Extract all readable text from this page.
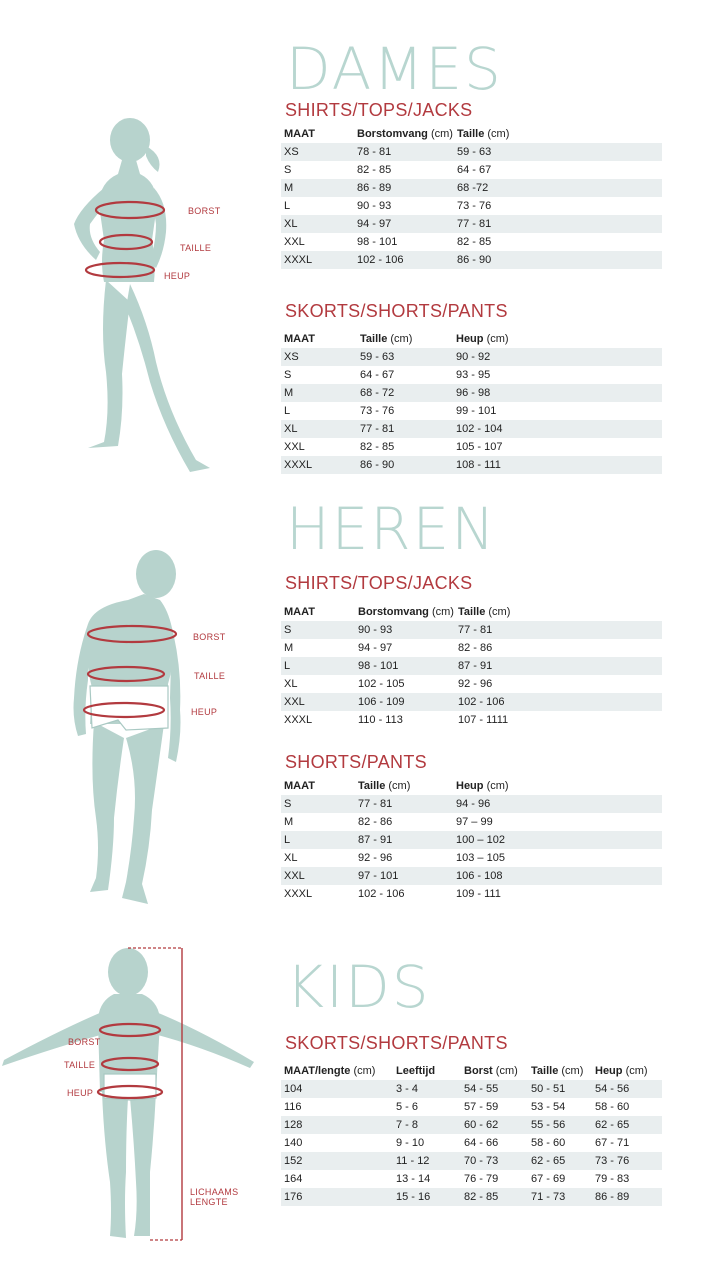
DAMES
SHIRTS/TOPS/JACKS
MAAT	Borstomvang (cm)	Taille (cm)
XS	78 - 81	59 - 63
S	82 - 85	64 - 67
M	86 - 89	68 -72
L	90 - 93	73 - 76
XL	94 - 97	77 - 81
XXL	98 - 101	82 - 85
XXXL	102 - 106	86 - 90
SKORTS/SHORTS/PANTS
MAAT	Taille (cm)	Heup (cm)
XS	59 - 63	90 - 92
S	64 - 67	93 - 95
M	68 - 72	96 - 98
L	73 - 76	99 - 101
XL	77 - 81	102 - 104
XXL	82 - 85	105 - 107
XXXL	86 - 90	108 - 111
BORST
TAILLE
HEUP
HEREN
SHIRTS/TOPS/JACKS
MAAT	Borstomvang (cm)	Taille (cm)
S	90 - 93	77 - 81
M	94 - 97	82 - 86
L	98 - 101	87 - 91
XL	102 - 105	92 - 96
XXL	106 - 109	102 - 106
XXXL	110 - 113	107 - 1111
SHORTS/PANTS
MAAT	Taille (cm)	Heup (cm)
S	77 - 81	94 - 96
M	82 - 86	97 – 99
L	87 - 91	100 – 102
XL	92 - 96	103 – 105
XXL	97 - 101	106 - 108
XXXL	102 - 106	109 - 111
BORST
TAILLE
HEUP
KIDS
SKORTS/SHORTS/PANTS
MAAT/lengte (cm)	Leeftijd	Borst (cm)	Taille (cm)	Heup (cm)
104	3 - 4	54 - 55	50 - 51	54 - 56
116	5 - 6	57 - 59	53 - 54	58 - 60
128	7 - 8	60 - 62	55 - 56	62 - 65
140	9 - 10	64 - 66	58 - 60	67 - 71
152	11 - 12	70 - 73	62 - 65	73 - 76
164	13 - 14	76 - 79	67 - 69	79 - 83
176	15 - 16	82 - 85	71 - 73	86 - 89
BORST
TAILLE
HEUP
LICHAAMS
LENGTE
